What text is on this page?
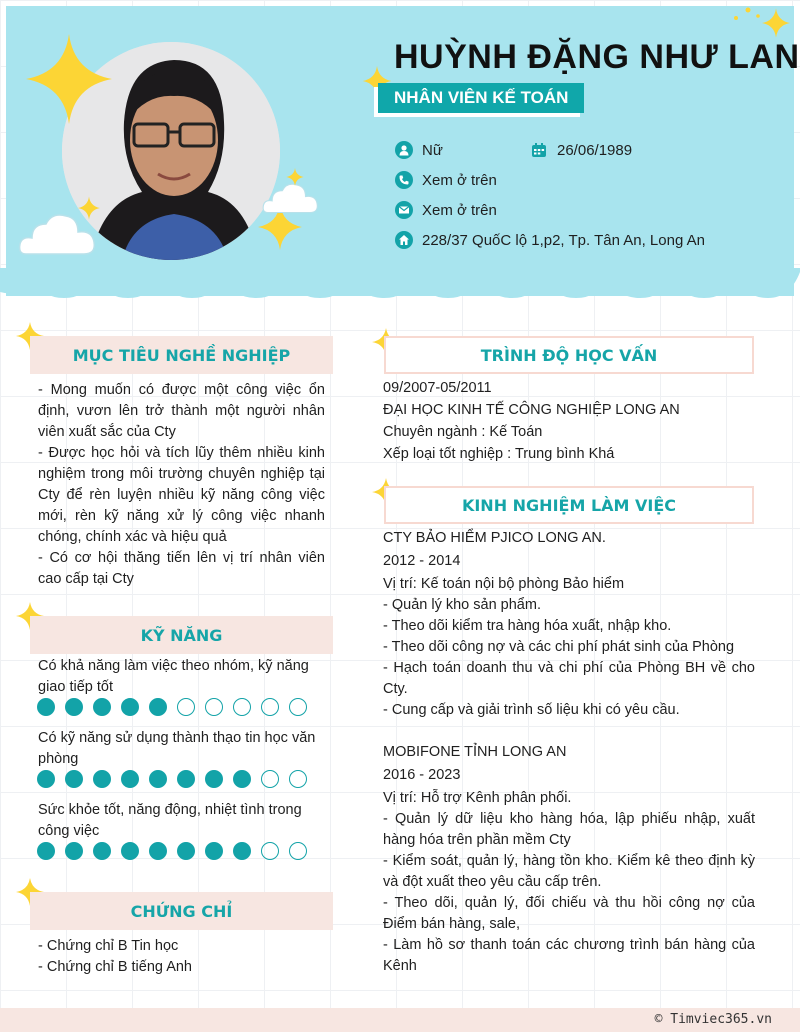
HUỲNH ĐẶNG NHƯ LAN
NHÂN VIÊN KẾ TOÁN
Nữ	26/06/1989
Xem ở trên
Xem ở trên
228/37 QuốC lộ 1,p2, Tp. Tân An, Long An
MỤC TIÊU NGHỀ NGHIỆP
- Mong muốn có được một công việc ổn định, vươn lên trở thành một người nhân viên xuất sắc của Cty
- Được học hỏi và tích lũy thêm nhiều kinh nghiệm trong môi trường chuyên nghiệp tại Cty để rèn luyện nhiều kỹ năng công việc mới, rèn kỹ năng xử lý công việc nhanh chóng, chính xác và hiệu quả
- Có cơ hội thăng tiến lên vị trí nhân viên cao cấp tại Cty
KỸ NĂNG
Có khả năng làm việc theo nhóm, kỹ năng giao tiếp tốt
Có kỹ năng sử dụng thành thạo tin học văn phòng
Sức khỏe tốt, năng động, nhiệt tình trong công việc
CHỨNG CHỈ
- Chứng chỉ B Tin học
- Chứng chỉ B tiếng Anh
TRÌNH ĐỘ HỌC VẤN
09/2007-05/2011
ĐẠI HỌC KINH TẾ CÔNG NGHIỆP LONG AN
Chuyên ngành : Kế Toán
Xếp loại tốt nghiệp : Trung bình Khá
KINH NGHIỆM LÀM VIỆC
CTY BẢO HIỂM PJICO LONG AN.
2012 - 2014
Vị trí: Kế toán nội bộ phòng Bảo hiểm
- Quản lý kho sản phẩm.
- Theo dõi kiểm tra hàng hóa xuất, nhập kho.
- Theo dõi công nợ và các chi phí phát sinh của Phòng
- Hạch toán doanh thu và chi phí của Phòng BH về cho Cty.
- Cung cấp và giải trình số liệu khi có yêu cầu.
MOBIFONE TỈNH LONG AN
2016 - 2023
Vị trí: Hỗ trợ Kênh phân phối.
- Quản lý dữ liệu kho hàng hóa, lập phiếu nhập, xuất hàng hóa trên phần mềm Cty
- Kiểm soát, quản lý, hàng tồn kho. Kiểm kê theo định kỳ và đột xuất theo yêu cầu cấp trên.
- Theo dõi, quản lý, đối chiếu và thu hồi công nợ của Điểm bán hàng, sale,
- Làm hồ sơ thanh toán các chương trình bán hàng của Kênh
© Timviec365.vn
